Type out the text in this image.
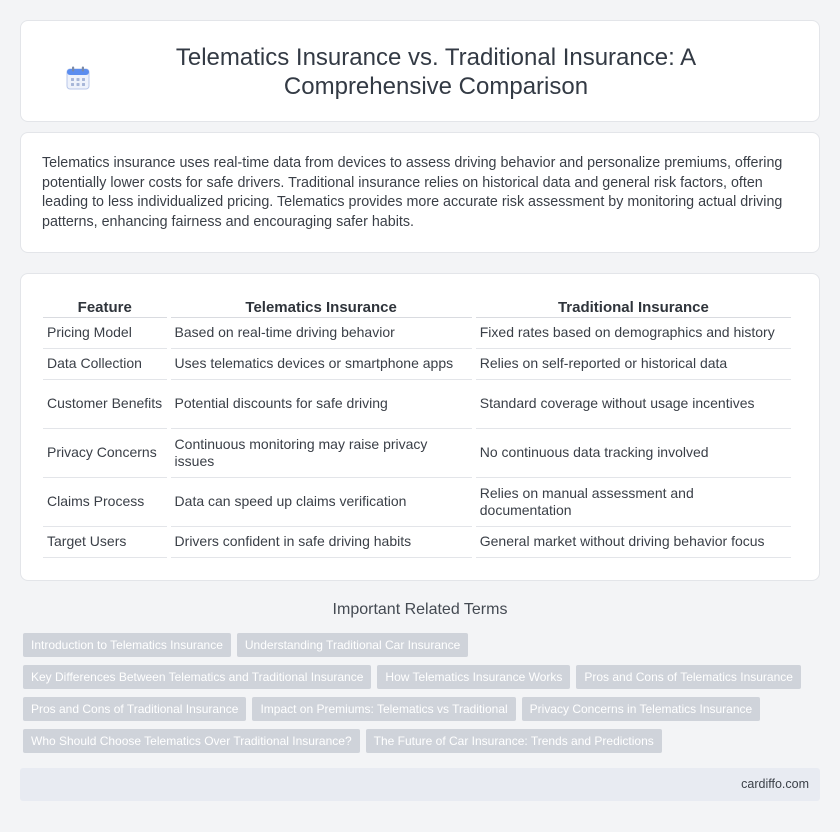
Telematics Insurance vs. Traditional Insurance: A Comprehensive Comparison

Telematics insurance uses real-time data from devices to assess driving behavior and personalize premiums, offering potentially lower costs for safe drivers. Traditional insurance relies on historical data and general risk factors, often leading to less individualized pricing. Telematics provides more accurate risk assessment by monitoring actual driving patterns, enhancing fairness and encouraging safer habits.

Feature	Telematics Insurance	Traditional Insurance
Pricing Model	Based on real-time driving behavior	Fixed rates based on demographics and history
Data Collection	Uses telematics devices or smartphone apps	Relies on self-reported or historical data
Customer Benefits	Potential discounts for safe driving	Standard coverage without usage incentives
Privacy Concerns	Continuous monitoring may raise privacy issues	No continuous data tracking involved
Claims Process	Data can speed up claims verification	Relies on manual assessment and documentation
Target Users	Drivers confident in safe driving habits	General market without driving behavior focus
Important Related Terms
Introduction to Telematics Insurance	Understanding Traditional Car Insurance
Key Differences Between Telematics and Traditional Insurance	How Telematics Insurance Works	Pros and Cons of Telematics Insurance
Pros and Cons of Traditional Insurance	Impact on Premiums: Telematics vs Traditional	Privacy Concerns in Telematics Insurance
Who Should Choose Telematics Over Traditional Insurance?	The Future of Car Insurance: Trends and Predictions
cardiffo.com
